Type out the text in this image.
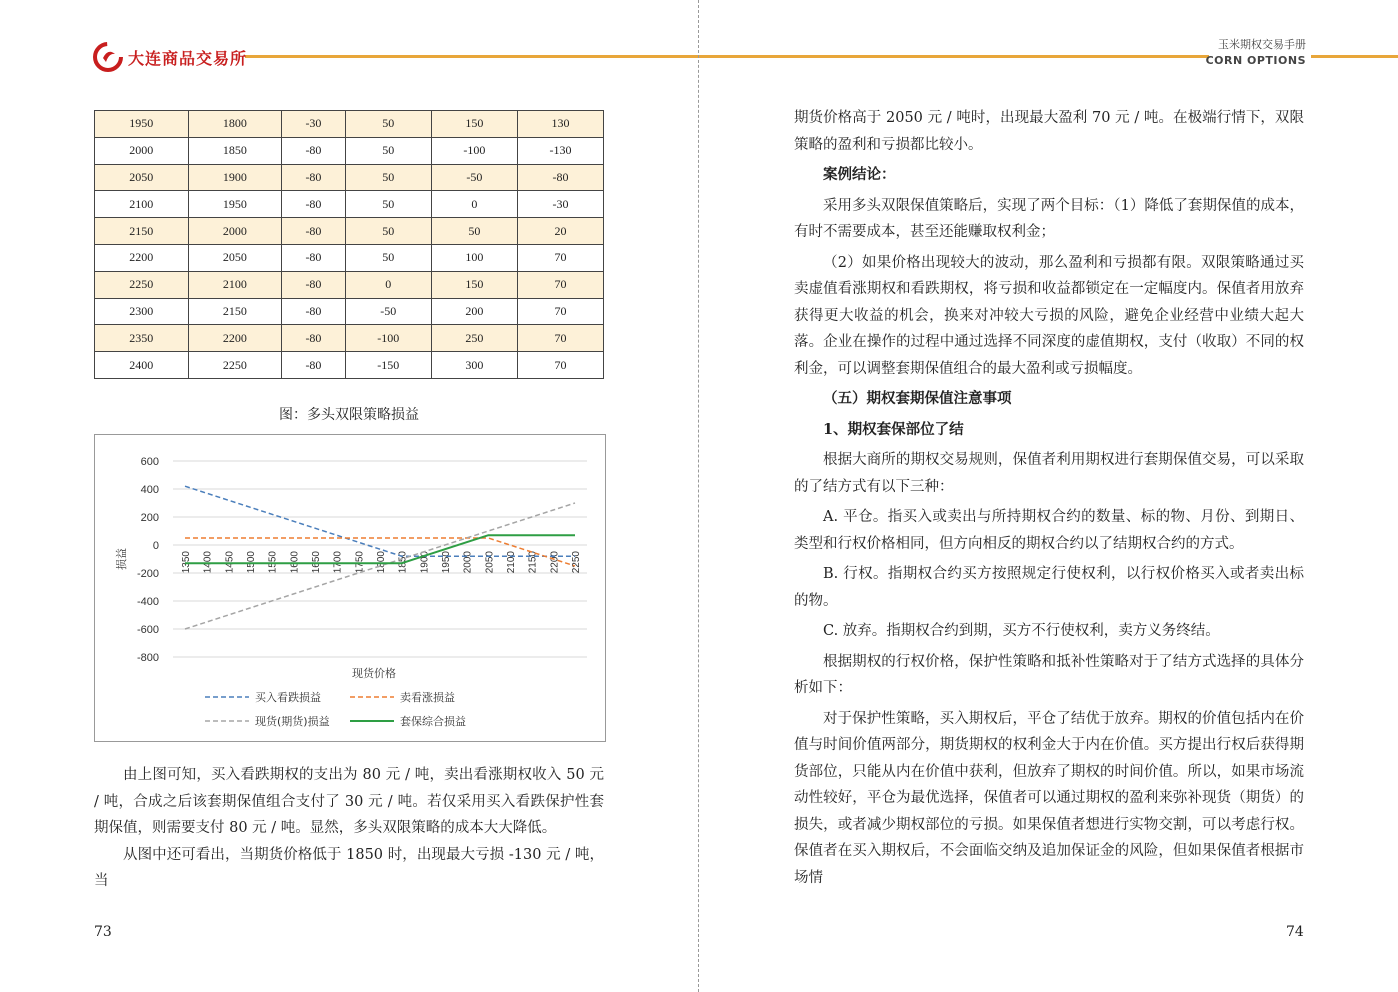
大连商品交易所
1950	1800	-30	50	150	130
2000	1850	-80	50	-100	-130
2050	1900	-80	50	-50	-80
2100	1950	-80	50	0	-30
2150	2000	-80	50	50	20
2200	2050	-80	50	100	70
2250	2100	-80	0	150	70
2300	2150	-80	-50	200	70
2350	2200	-80	-100	250	70
2400	2250	-80	-150	300	70
图：多头双限策略损益
600
400
200
0
-200
-400
-600
-800
1350 1400 1450 1500 1550 1600 1650 1700 1750 1800 1850 1900 1950 2000 2050 2100 2150 2200 2250
损益
现货价格
买入看跌损益	卖看涨损益
现货(期货)损益	套保综合损益

由上图可知，买入看跌期权的支出为 80 元 / 吨，卖出看涨期权收入 50 元 / 吨，合成之后该套期保值组合支付了 30 元 / 吨。若仅采用买入看跌保护性套期保值，则需要支付 80 元 / 吨。显然，多头双限策略的成本大大降低。

从图中还可看出，当期货价格低于 1850 时，出现最大亏损 -130 元 / 吨，当

73
玉米期权交易手册
CORN OPTIONS

期货价格高于 2050 元 / 吨时，出现最大盈利 70 元 / 吨。在极端行情下，双限策略的盈利和亏损都比较小。

案例结论：

采用多头双限保值策略后，实现了两个目标：（1）降低了套期保值的成本，有时不需要成本，甚至还能赚取权利金；

（2）如果价格出现较大的波动，那么盈利和亏损都有限。双限策略通过买卖虚值看涨期权和看跌期权，将亏损和收益都锁定在一定幅度内。保值者用放弃获得更大收益的机会，换来对冲较大亏损的风险，避免企业经营中业绩大起大落。企业在操作的过程中通过选择不同深度的虚值期权，支付（收取）不同的权利金，可以调整套期保值组合的最大盈利或亏损幅度。

（五）期权套期保值注意事项

1、期权套保部位了结

根据大商所的期权交易规则，保值者利用期权进行套期保值交易，可以采取的了结方式有以下三种：

A. 平仓。指买入或卖出与所持期权合约的数量、标的物、月份、到期日、类型和行权价格相同，但方向相反的期权合约以了结期权合约的方式。

B. 行权。指期权合约买方按照规定行使权利，以行权价格买入或者卖出标的物。

C. 放弃。指期权合约到期，买方不行使权利，卖方义务终结。

根据期权的行权价格，保护性策略和抵补性策略对于了结方式选择的具体分析如下：

对于保护性策略，买入期权后，平仓了结优于放弃。期权的价值包括内在价值与时间价值两部分，期货期权的权利金大于内在价值。买方提出行权后获得期货部位，只能从内在价值中获利，但放弃了期权的时间价值。所以，如果市场流动性较好，平仓为最优选择，保值者可以通过期权的盈利来弥补现货（期货）的损失，或者减少期权部位的亏损。如果保值者想进行实物交割，可以考虑行权。保值者在买入期权后，不会面临交纳及追加保证金的风险，但如果保值者根据市场情

74
